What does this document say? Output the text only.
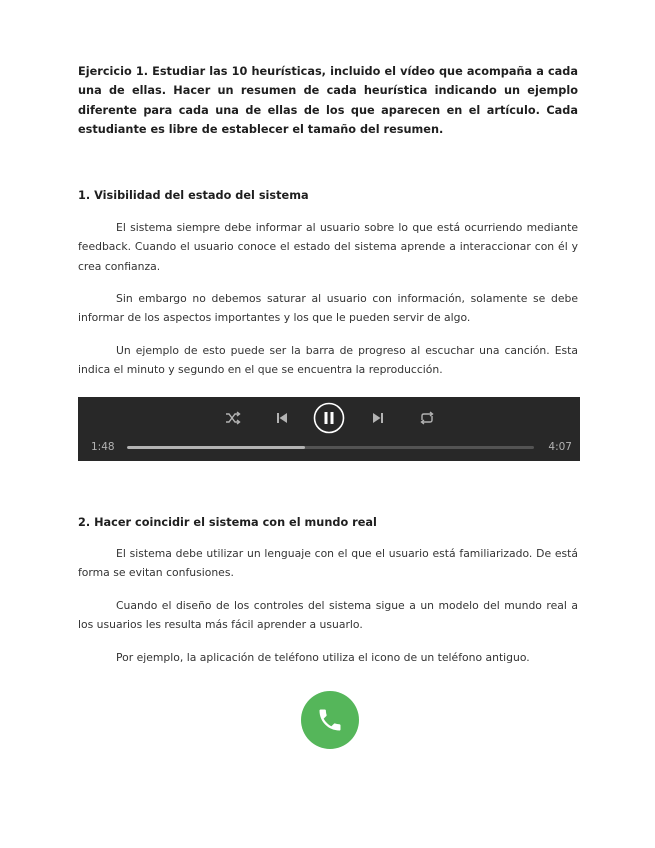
Ejercicio 1. Estudiar las 10 heurísticas, incluido el vídeo que acompaña a cada una de ellas. Hacer un resumen de cada heurística indicando un ejemplo diferente para cada una de ellas de los que aparecen en el artículo. Cada estudiante es libre de establecer el tamaño del resumen.

1. Visibilidad del estado del sistema

El sistema siempre debe informar al usuario sobre lo que está ocurriendo mediante feedback. Cuando el usuario conoce el estado del sistema aprende a interaccionar con él y crea confianza.

Sin embargo no debemos saturar al usuario con información, solamente se debe informar de los aspectos importantes y los que le pueden servir de algo.

Un ejemplo de esto puede ser la barra de progreso al escuchar una canción. Esta indica el minuto y segundo en el que se encuentra la reproducción.

1:48	4:07
2. Hacer coincidir el sistema con el mundo real

El sistema debe utilizar un lenguaje con el que el usuario está familiarizado. De está forma se evitan confusiones.

Cuando el diseño de los controles del sistema sigue a un modelo del mundo real a los usuarios les resulta más fácil aprender a usuarlo.

Por ejemplo, la aplicación de teléfono utiliza el icono de un teléfono antiguo.
